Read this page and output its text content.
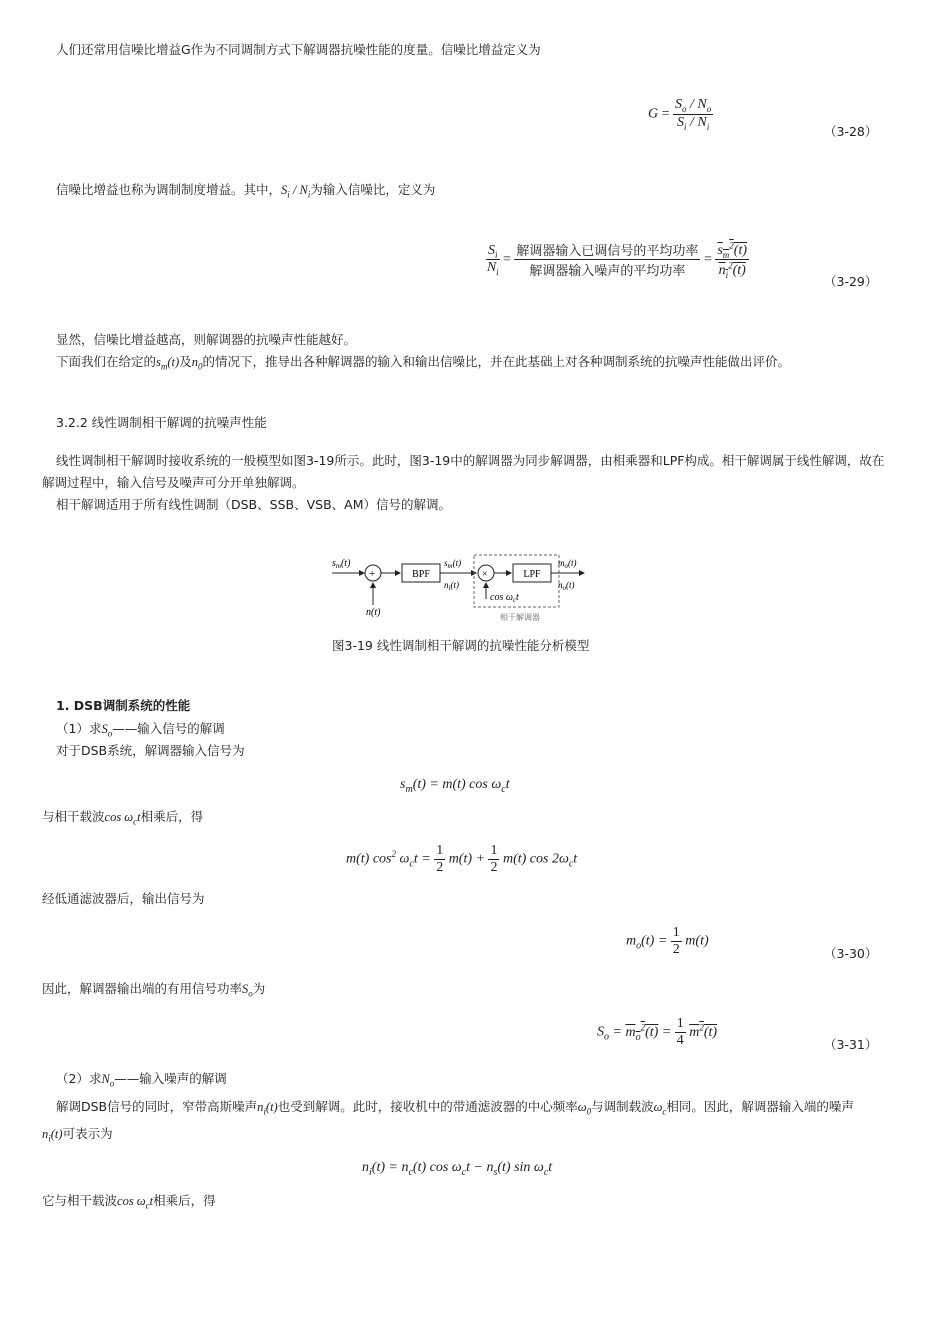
人们还常用信噪比增益G作为不同调制方式下解调器抗噪性能的度量。信噪比增益定义为
$G = \frac{S_o / N_o}{S_i / N_i}$	（3-28）
信噪比增益也称为调制制度增益。其中，$S_i / N_i$为输入信噪比，定义为
$\frac{S_i}{N_i} = \frac{\text{解调器输入已调信号的平均功率}}{\text{解调器输入噪声的平均功率}} = \frac{s_m^2(t)}{n_i^2(t)}$
（3-29）
显然，信噪比增益越高，则解调器的抗噪声性能越好。
下面我们在给定的$s_m(t)$及$n_0$的情况下，推导出各种解调器的输入和输出信噪比，并在此基础上对各种调制系统的抗噪声性能做出评价。
3.2.2 线性调制相干解调的抗噪声性能
线性调制相干解调时接收系统的一般模型如图3-19所示。此时，图3-19中的解调器为同步解调器，由相乘器和LPF构成。相干解调属于线性解调，故在
解调过程中，输入信号及噪声可分开单独解调。
相干解调适用于所有线性调制（DSB、SSB、VSB、AM）信号的解调。
$s_m(t)$
+
n(t)
BPF
$s_m(t)$
$n_i(t)$
×
$\cos \omega_ct$
LPF
$m_o(t)$
$n_o(t)$
相干解调器
图3-19 线性调制相干解调的抗噪性能分析模型
1. DSB调制系统的性能
（1）求$S_o——$输入信号的解调
对于DSB系统，解调器输入信号为
$s_m(t) = m(t)$ $\cos \omega_ct$
与相干载波$\cos \omega_ct$相乘后，得
m(t) $\cos^2 \omega_ct = \frac{1}{2} m(t) + \frac{1}{2} m(t)$ $\cos 2\omega_ct$
经低通滤波器后，输出信号为
$m_o(t) = \frac{1}{2} m(t)$
（3-30）
因此，解调器输出端的有用信号功率$S_o$为
$S_o = m_o^2(t) = \frac{1}{4} m^2(t)$
（3-31）
（2）求$N_o——$输入噪声的解调
解调DSB信号的同时，窄带高斯噪声$n_i(t)$也受到解调。此时，接收机中的带通滤波器的中心频率$\omega_0$与调制载波$\omega_c$相同。因此，解调器输入端的噪声
$n_i(t)$可表示为
$n_i(t) = n_c(t)$ $\cos \omega_ct - n_s(t)$ $\sin \omega_ct$
它与相干载波$\cos \omega_ct$相乘后，得
